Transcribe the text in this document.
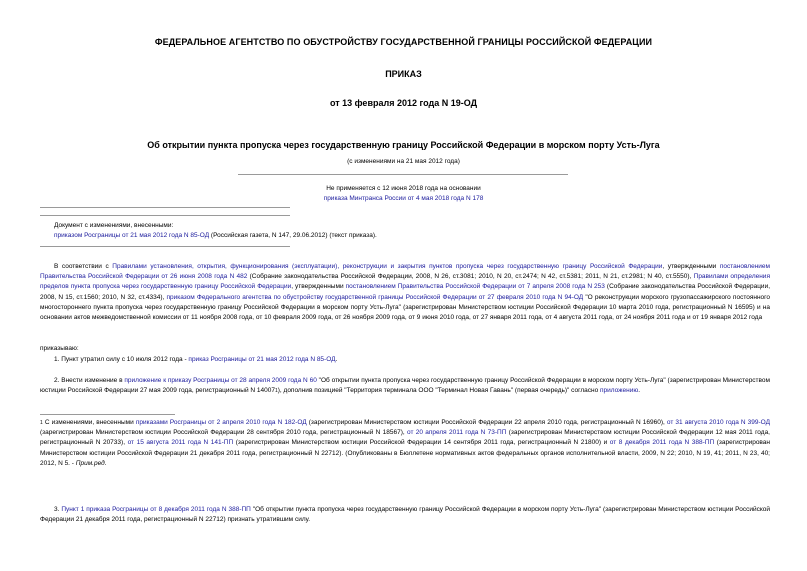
ФЕДЕРАЛЬНОЕ АГЕНТСТВО ПО ОБУСТРОЙСТВУ ГОСУДАРСТВЕННОЙ ГРАНИЦЫ РОССИЙСКОЙ ФЕДЕРАЦИИ
ПРИКАЗ
от 13 февраля 2012 года N 19-ОД
Об открытии пункта пропуска через государственную границу Российской Федерации в морском порту Усть-Луга
(с изменениями на 21 мая 2012 года)
Не применяется с 12 июня 2018 года на основании
приказа Минтранса России от 4 мая 2018 года N 178
Документ с изменениями, внесенными:
приказом Росграницы от 21 мая 2012 года N 85-ОД (Российская газета, N 147, 29.06.2012) (текст приказа).
В соответствии с Правилами установления, открытия, функционирования (эксплуатации), реконструкции и закрытия пунктов пропуска через государственную границу Российской Федерации, утвержденными постановлением Правительства Российской Федерации от 26 июня 2008 года N 482 (Собрание законодательства Российской Федерации, 2008, N 26, ст.3081; 2010, N 20, ст.2474; N 42, ст.5381; 2011, N 21, ст.2981; N 40, ст.5550), Правилами определения пределов пункта пропуска через государственную границу Российской Федерации, утвержденными постановлением Правительства Российской Федерации от 7 апреля 2008 года N 253 (Собрание законодательства Российской Федерации, 2008, N 15, ст.1560; 2010, N 32, ст.4334), приказом Федерального агентства по обустройству государственной границы Российской Федерации от 27 февраля 2010 года N 94-ОД "О реконструкции морского грузопассажирского постоянного многостороннего пункта пропуска через государственную границу Российской Федерации в морском порту Усть-Луга" (зарегистрирован Министерством юстиции Российской Федерации 10 марта 2010 года, регистрационный N 16595) и на основании актов межведомственной комиссии от 11 ноября 2008 года, от 10 февраля 2009 года, от 26 ноября 2009 года, от 9 июня 2010 года, от 27 января 2011 года, от 4 августа 2011 года, от 24 ноября 2011 года и от 19 января 2012 года
приказываю:
1. Пункт утратил силу с 10 июля 2012 года - приказ Росграницы от 21 мая 2012 года N 85-ОД.
2. Внести изменение в приложение к приказу Росграницы от 28 апреля 2009 года N 60 "Об открытии пункта пропуска через государственную границу Российской Федерации в морском порту Усть-Луга" (зарегистрирован Министерством юстиции Российской Федерации 27 мая 2009 года, регистрационный N 14007$^1$), дополнив позицией "Территория терминала ООО "Терминал Новая Гавань" (первая очередь)" согласно приложению.
$^1$ С изменениями, внесенными приказами Росграницы от 2 апреля 2010 года N 182-ОД (зарегистрирован Министерством юстиции Российской Федерации 22 апреля 2010 года, регистрационный N 16960), от 31 августа 2010 года N 399-ОД (зарегистрирован Министерством юстиции Российской Федерации 28 сентября 2010 года, регистрационный N 18567), от 20 апреля 2011 года N 73-ПП (зарегистрирован Министерством юстиции Российской Федерации 12 мая 2011 года, регистрационный N 20733), от 15 августа 2011 года N 141-ПП (зарегистрирован Министерством юстиции Российской Федерации 14 сентября 2011 года, регистрационный N 21800) и от 8 декабря 2011 года N 388-ПП (зарегистрирован Министерством юстиции Российской Федерации 21 декабря 2011 года, регистрационный N 22712). (Опубликованы в Бюллетене нормативных актов федеральных органов исполнительной власти, 2009, N 22; 2010, N 19, 41; 2011, N 23, 40; 2012, N 5. - Прим.ред.
3. Пункт 1 приказа Росграницы от 8 декабря 2011 года N 388-ПП "Об открытии пункта пропуска через государственную границу Российской Федерации в морском порту Усть-Луга" (зарегистрирован Министерством юстиции Российской Федерации 21 декабря 2011 года, регистрационный N 22712) признать утратившим силу.
